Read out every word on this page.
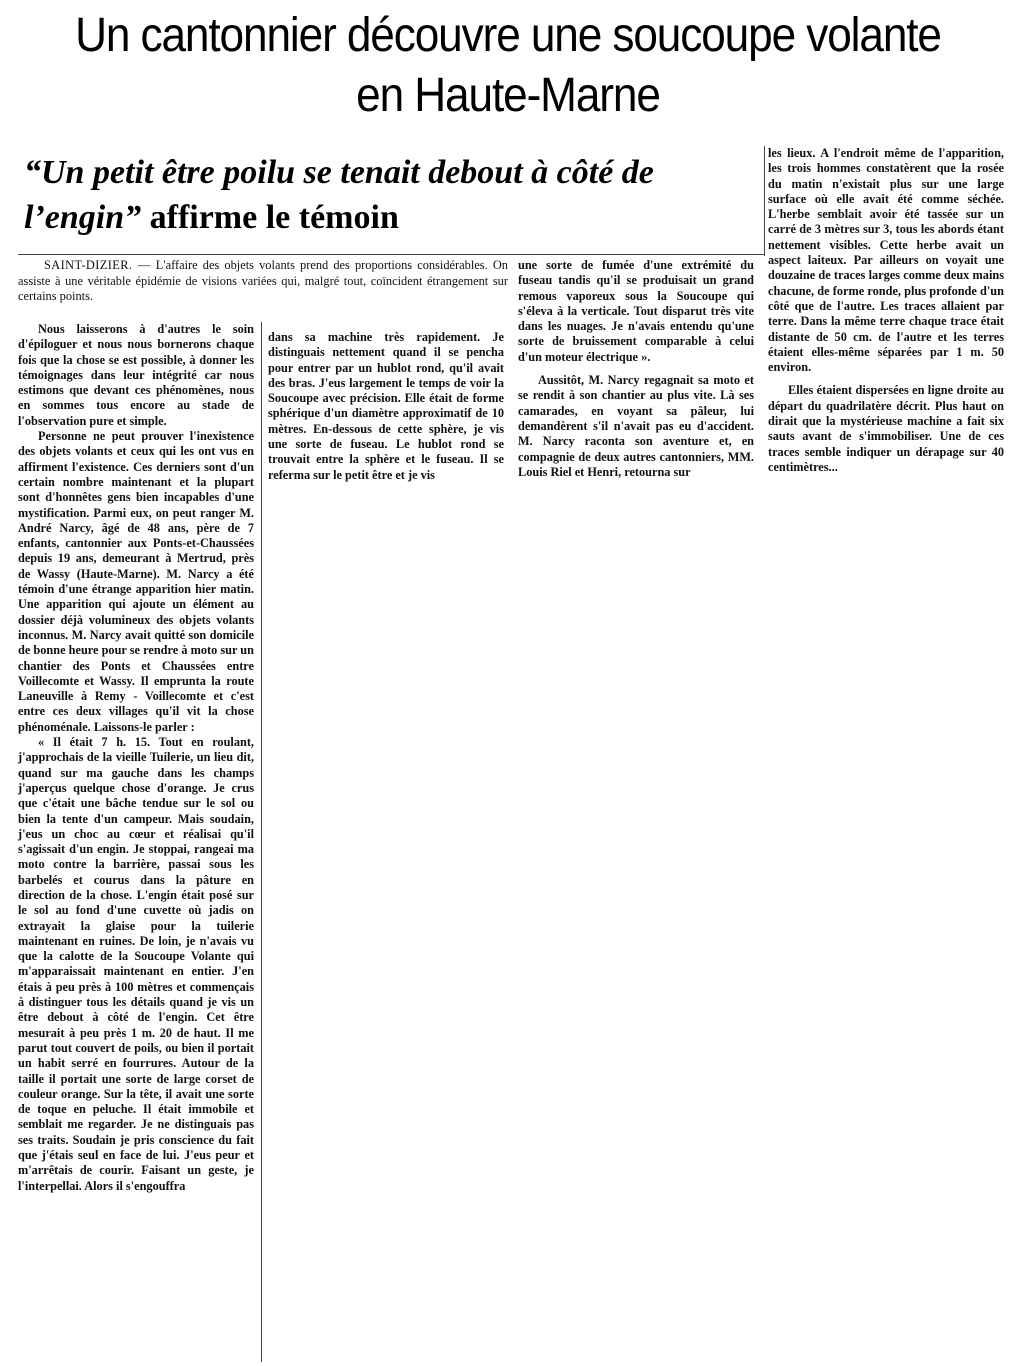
Un cantonnier découvre une soucoupe volante en Haute-Marne
“Un petit être poilu se tenait debout à côté de l’engin” affirme le témoin

SAINT-DIZIER. — L'affaire des objets volants prend des proportions considérables. On assiste à une véritable épidémie de visions variées qui, malgré tout, coïncident étrangement sur certains points.

Nous laisserons à d'autres le soin d'épiloguer et nous nous bornerons chaque fois que la chose se est possible, à donner les témoignages dans leur intégrité car nous estimons que devant ces phénomènes, nous en sommes tous encore au stade de l'observation pure et simple.

Personne ne peut prouver l'inexistence des objets volants et ceux qui les ont vus en affirment l'existence. Ces derniers sont d'un certain nombre maintenant et la plupart sont d'honnêtes gens bien incapables d'une mystification. Parmi eux, on peut ranger M. André Narcy, âgé de 48 ans, père de 7 enfants, cantonnier aux Ponts-et-Chaussées depuis 19 ans, demeurant à Mertrud, près de Wassy (Haute-Marne). M. Narcy a été témoin d'une étrange apparition hier matin. Une apparition qui ajoute un élément au dossier déjà volumineux des objets volants inconnus. M. Narcy avait quitté son domicile de bonne heure pour se rendre à moto sur un chantier des Ponts et Chaussées entre Voillecomte et Wassy. Il emprunta la route Laneuville à Remy - Voillecomte et c'est entre ces deux villages qu'il vit la chose phénoménale. Laissons-le parler :

« Il était 7 h. 15. Tout en roulant, j'approchais de la vieille Tuilerie, un lieu dit, quand sur ma gauche dans les champs j'aperçus quelque chose d'orange. Je crus que c'était une bâche tendue sur le sol ou bien la tente d'un campeur. Mais soudain, j'eus un choc au cœur et réalisai qu'il s'agissait d'un engin. Je stoppai, rangeai ma moto contre la barrière, passai sous les barbelés et courus dans la pâture en direction de la chose. L'engin était posé sur le sol au fond d'une cuvette où jadis on extrayait la glaise pour la tuilerie maintenant en ruines. De loin, je n'avais vu que la calotte de la Soucoupe Volante qui m'apparaissait maintenant en entier. J'en étais à peu près à 100 mètres et commençais à distinguer tous les détails quand je vis un être debout à côté de l'engin. Cet être mesurait à peu près 1 m. 20 de haut. Il me parut tout couvert de poils, ou bien il portait un habit serré en fourrures. Autour de la taille il portait une sorte de large corset de couleur orange. Sur la tête, il avait une sorte de toque en peluche. Il était immobile et semblait me regarder. Je ne distinguais pas ses traits. Soudain je pris conscience du fait que j'étais seul en face de lui. J'eus peur et m'arrêtais de courir. Faisant un geste, je l'interpellai. Alors il s'engouffra

dans sa machine très rapidement. Je distinguais nettement quand il se pencha pour entrer par un hublot rond, qu'il avait des bras. J'eus largement le temps de voir la Soucoupe avec précision. Elle était de forme sphérique d'un diamètre approximatif de 10 mètres. En-dessous de cette sphère, je vis une sorte de fuseau. Le hublot rond se trouvait entre la sphère et le fuseau. Il se referma sur le petit être et je vis

une sorte de fumée d'une extrémité du fuseau tandis qu'il se produisait un grand remous vaporeux sous la Soucoupe qui s'éleva à la verticale. Tout disparut très vite dans les nuages. Je n'avais entendu qu'une sorte de bruissement comparable à celui d'un moteur électrique ».

Aussitôt, M. Narcy regagnait sa moto et se rendit à son chantier au plus vite. Là ses camarades, en voyant sa pâleur, lui demandèrent s'il n'avait pas eu d'accident. M. Narcy raconta son aventure et, en compagnie de deux autres cantonniers, MM. Louis Riel et Henri, retourna sur

les lieux. A l'endroit même de l'apparition, les trois hommes constatèrent que la rosée du matin n'existait plus sur une large surface où elle avait été comme séchée. L'herbe semblait avoir été tassée sur un carré de 3 mètres sur 3, tous les abords étant nettement visibles. Cette herbe avait un aspect laiteux. Par ailleurs on voyait une douzaine de traces larges comme deux mains chacune, de forme ronde, plus profonde d'un côté que de l'autre. Les traces allaient par terre. Dans la même terre chaque trace était distante de 50 cm. de l'autre et les terres étaient elles-même séparées par 1 m. 50 environ.

Elles étaient dispersées en ligne droite au départ du quadrilatère décrit. Plus haut on dirait que la mystérieuse machine a fait six sauts avant de s'immobiliser. Une de ces traces semble indiquer un dérapage sur 40 centimètres...
